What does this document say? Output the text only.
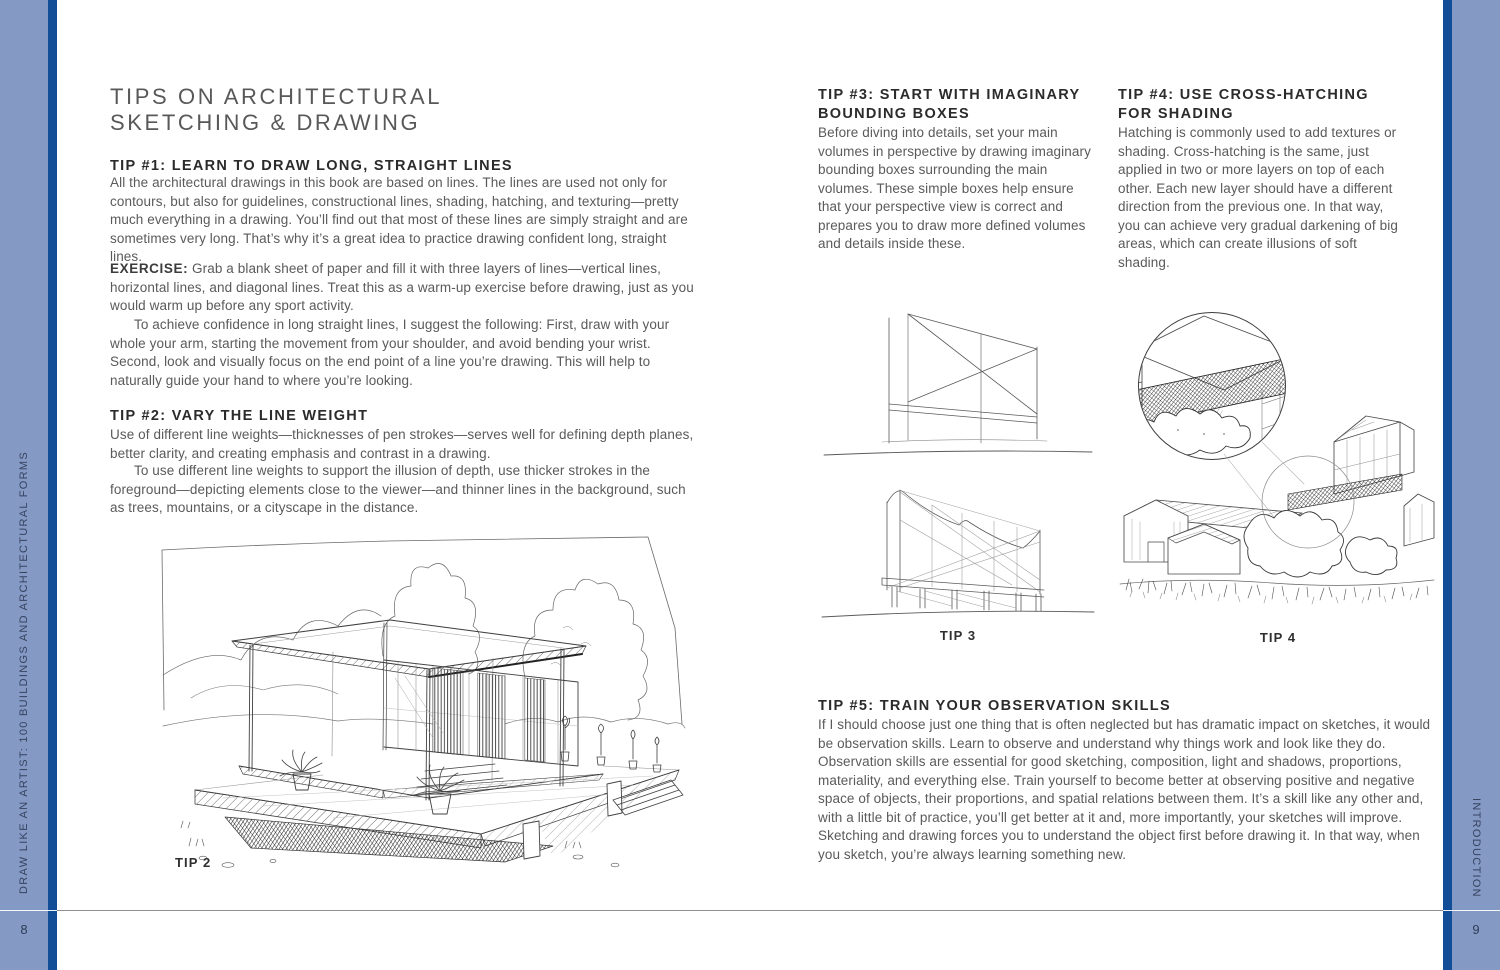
DRAW LIKE AN ARTIST: 100 BUILDINGS AND ARCHITECTURAL FORMS	INTRODUCTION
8	9
TIPS ON ARCHITECTURAL
SKETCHING & DRAWING
TIP #1: LEARN TO DRAW LONG, STRAIGHT LINES

All the architectural drawings in this book are based on lines. The lines are used not only for contours, but also for guidelines, constructional lines, shading, hatching, and texturing—pretty much everything in a drawing. You’ll find out that most of these lines are simply straight and are sometimes very long. That’s why it’s a great idea to practice drawing confident long, straight lines.

EXERCISE: Grab a blank sheet of paper and fill it with three layers of lines—vertical lines, horizontal lines, and diagonal lines. Treat this as a warm-up exercise before drawing, just as you would warm up before any sport activity.

To achieve confidence in long straight lines, I suggest the following: First, draw with your whole your arm, starting the movement from your shoulder, and avoid bending your wrist. Second, look and visually focus on the end point of a line you’re drawing. This will help to naturally guide your hand to where you’re looking.

TIP #2: VARY THE LINE WEIGHT

Use of different line weights—thicknesses of pen strokes—serves well for defining depth planes, better clarity, and creating emphasis and contrast in a drawing.

To use different line weights to support the illusion of depth, use thicker strokes in the foreground—depicting elements close to the viewer—and thinner lines in the background, such as trees, mountains, or a cityscape in the distance.

TIP 2
TIP #3: START WITH IMAGINARY BOUNDING BOXES

Before diving into details, set your main volumes in perspective by drawing imaginary bounding boxes surrounding the main volumes. These simple boxes help ensure that your perspective view is correct and prepares you to draw more defined volumes and details inside these.

TIP #4: USE CROSS-HATCHING FOR SHADING

Hatching is commonly used to add textures or shading. Cross-hatching is the same, just applied in two or more layers on top of each other. Each new layer should have a different direction from the previous one. In that way, you can achieve very gradual darkening of big areas, which can create illusions of soft shading.

TIP 3	TIP 4
TIP #5: TRAIN YOUR OBSERVATION SKILLS

If I should choose just one thing that is often neglected but has dramatic impact on sketches, it would be observation skills. Learn to observe and understand why things work and look like they do. Observation skills are essential for good sketching, composition, light and shadows, proportions, materiality, and everything else. Train yourself to become better at observing positive and negative space of objects, their proportions, and spatial relations between them. It’s a skill like any other and, with a little bit of practice, you’ll get better at it and, more importantly, your sketches will improve. Sketching and drawing forces you to understand the object first before drawing it. In that way, when you sketch, you’re always learning something new.
